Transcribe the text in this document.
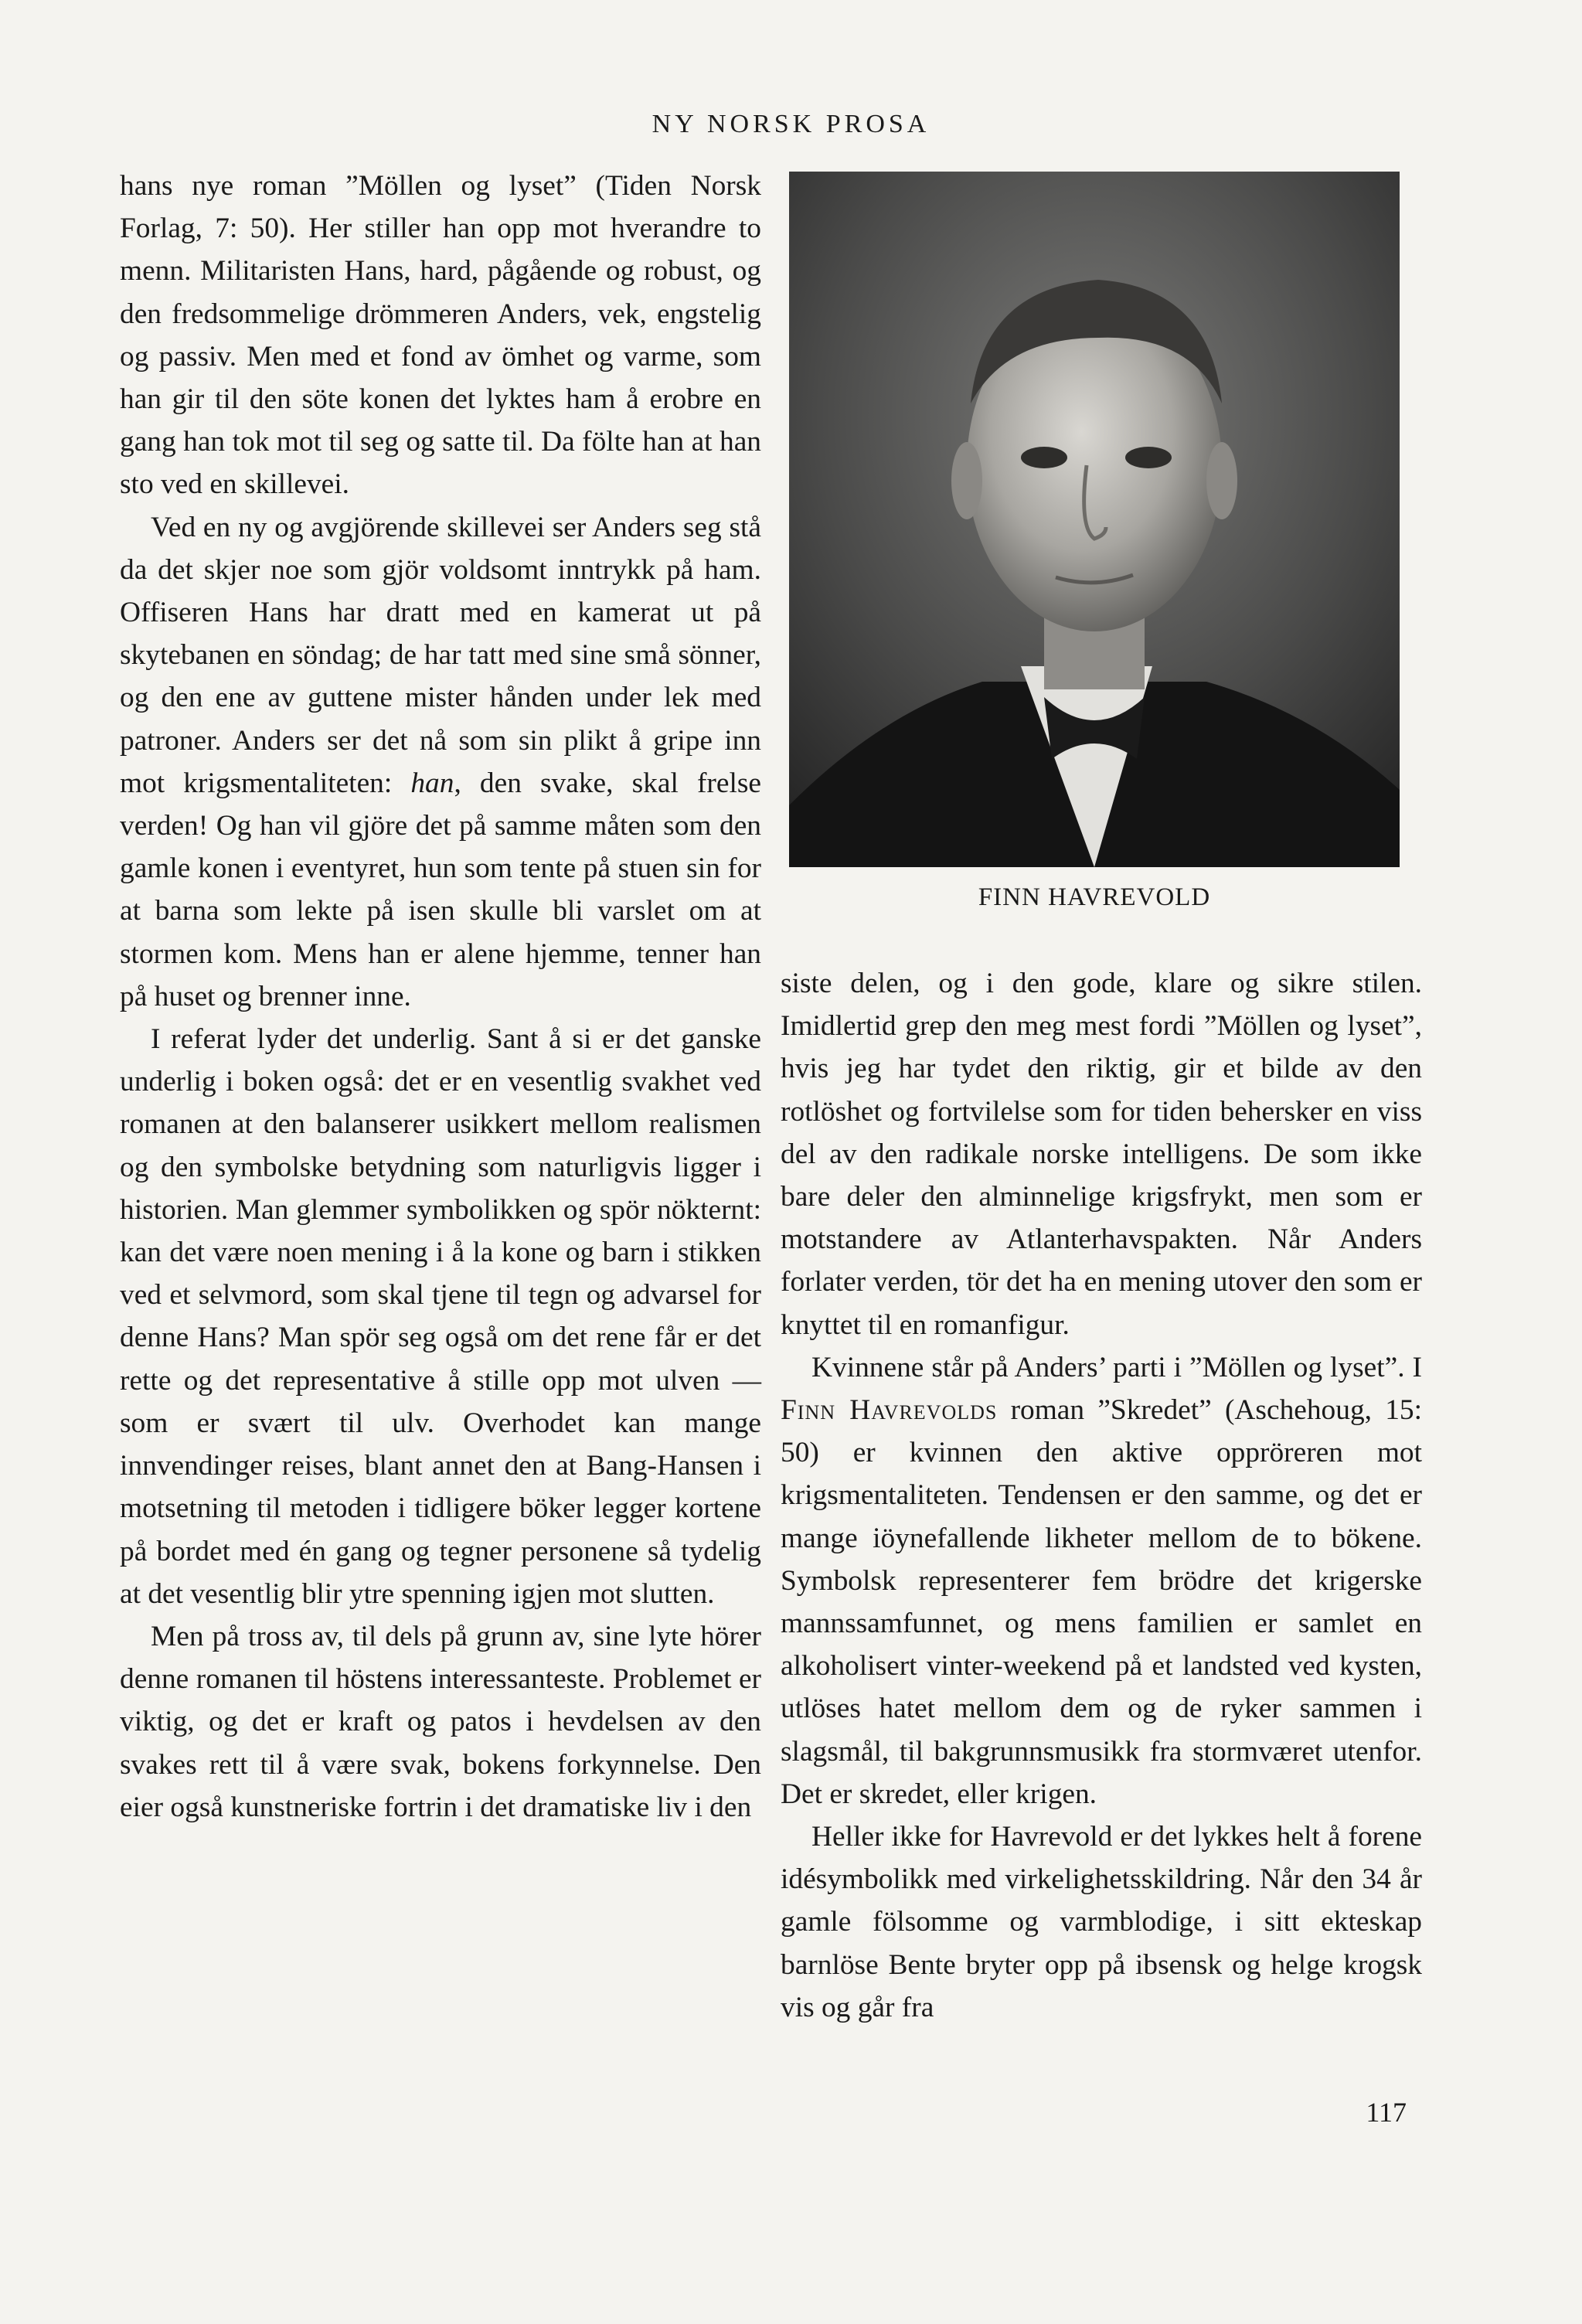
NY NORSK PROSA

hans nye roman ”Möllen og lyset” (Tiden Norsk Forlag, 7: 50). Her stiller han opp mot hverandre to menn. Militaristen Hans, hard, pågående og robust, og den fredsommelige drömmeren Anders, vek, engstelig og passiv. Men med et fond av ömhet og varme, som han gir til den söte konen det lyktes ham å erobre en gang han tok mot til seg og satte til. Da fölte han at han sto ved en skillevei.

Ved en ny og avgjörende skillevei ser Anders seg stå da det skjer noe som gjör voldsomt inntrykk på ham. Offiseren Hans har dratt med en kamerat ut på skytebanen en söndag; de har tatt med sine små sönner, og den ene av guttene mister hånden under lek med patroner. Anders ser det nå som sin plikt å gripe inn mot krigsmentaliteten: han, den svake, skal frelse verden! Og han vil gjöre det på samme måten som den gamle konen i eventyret, hun som tente på stuen sin for at barna som lekte på isen skulle bli varslet om at stormen kom. Mens han er alene hjemme, tenner han på huset og brenner inne.

I referat lyder det underlig. Sant å si er det ganske underlig i boken også: det er en vesentlig svakhet ved romanen at den balanserer usikkert mellom realismen og den symbolske betydning som naturligvis ligger i historien. Man glemmer symbolikken og spör nökternt: kan det være noen mening i å la kone og barn i stikken ved et selvmord, som skal tjene til tegn og advarsel for denne Hans? Man spör seg også om det rene får er det rette og det representative å stille opp mot ulven — som er svært til ulv. Overhodet kan mange innvendinger reises, blant annet den at Bang-Hansen i motsetning til metoden i tidligere böker legger kortene på bordet med én gang og tegner personene så tydelig at det vesentlig blir ytre spenning igjen mot slutten.

Men på tross av, til dels på grunn av, sine lyte hörer denne romanen til höstens interessanteste. Problemet er viktig, og det er kraft og patos i hevdelsen av den svakes rett til å være svak, bokens forkynnelse. Den eier også kunstneriske fortrin i det dramatiske liv i den

FINN HAVREVOLD

siste delen, og i den gode, klare og sikre stilen. Imidlertid grep den meg mest fordi ”Möllen og lyset”, hvis jeg har tydet den riktig, gir et bilde av den rotlöshet og fortvilelse som for tiden behersker en viss del av den radikale norske intelligens. De som ikke bare deler den alminnelige krigsfrykt, men som er motstandere av Atlanterhavspakten. Når Anders forlater verden, tör det ha en mening utover den som er knyttet til en romanfigur.

Kvinnene står på Anders’ parti i ”Möllen og lyset”. I Finn Havrevolds roman ”Skredet” (Aschehoug, 15: 50) er kvinnen den aktive oppröreren mot krigsmentaliteten. Tendensen er den samme, og det er mange iöynefallende likheter mellom de to bökene. Symbolsk representerer fem brödre det krigerske mannssamfunnet, og mens familien er samlet en alkoholisert vinter-weekend på et landsted ved kysten, utlöses hatet mellom dem og de ryker sammen i slagsmål, til bakgrunnsmusikk fra stormværet utenfor. Det er skredet, eller krigen.

Heller ikke for Havrevold er det lykkes helt å forene idésymbolikk med virkelighetsskildring. Når den 34 år gamle fölsomme og varmblodige, i sitt ekteskap barnlöse Bente bryter opp på ibsensk og helge krogsk vis og går fra

117
